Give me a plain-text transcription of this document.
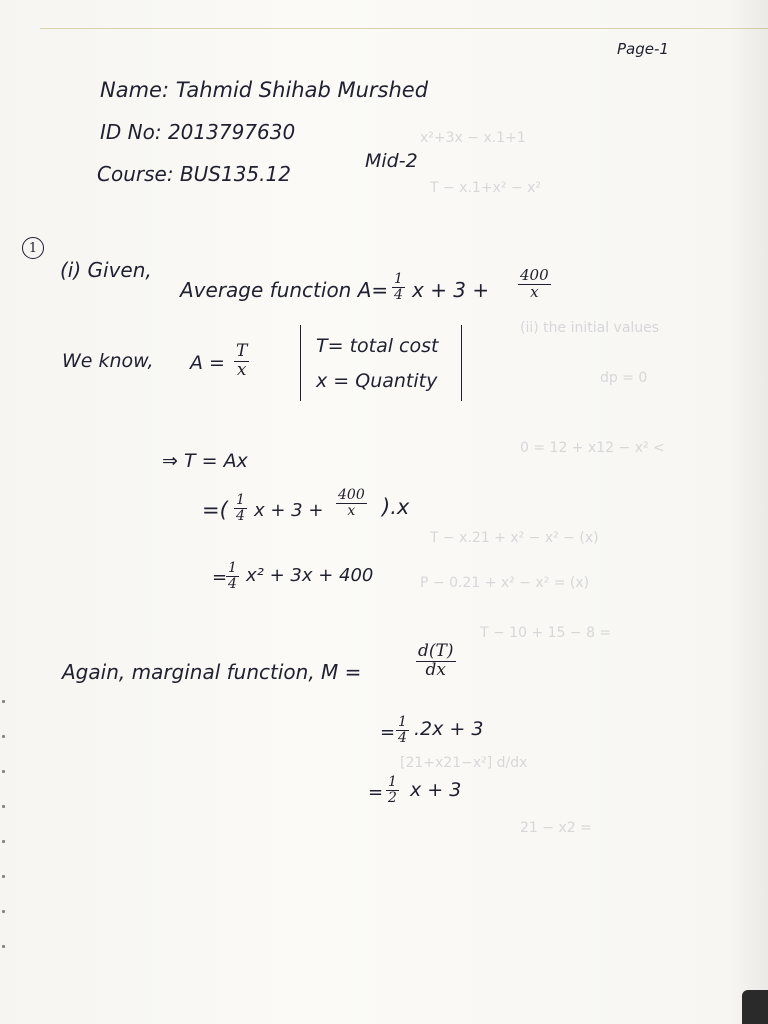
x²+3x − x.1+1
T − x.1+x² − x²
(ii) the initial values
dp = 0
0 = 12 + x12 − x² <
T − x.21 + x² − x² − (x)
P − 0.21 + x² − x² = (x)
T − 10 + 15 − 8 =
[21+x21−x²] d/dx
21 − x2 =
Page-1
Name: Tahmid Shihab Murshed
ID No: 2013797630
Course: BUS135.12
Mid-2
1
(i) Given,
Average function $A= \frac{1}{4}$ $x + 3 + \frac{400}{x}$
We know, $A = \frac{T}{x}$	T= total cost
x = Quantity
⇒ T = Ax
=( $\frac{1}{4}$ $x + 3 + \frac{400}{x} ).x$
=
$\frac{1}{4} x^2 + 3x + 400$
Again, marginal function, M =	$\frac{d(T)}{dx}$
= $\frac{1}{4} .2x + 3$
= $\frac{1}{2}$ x + 3
